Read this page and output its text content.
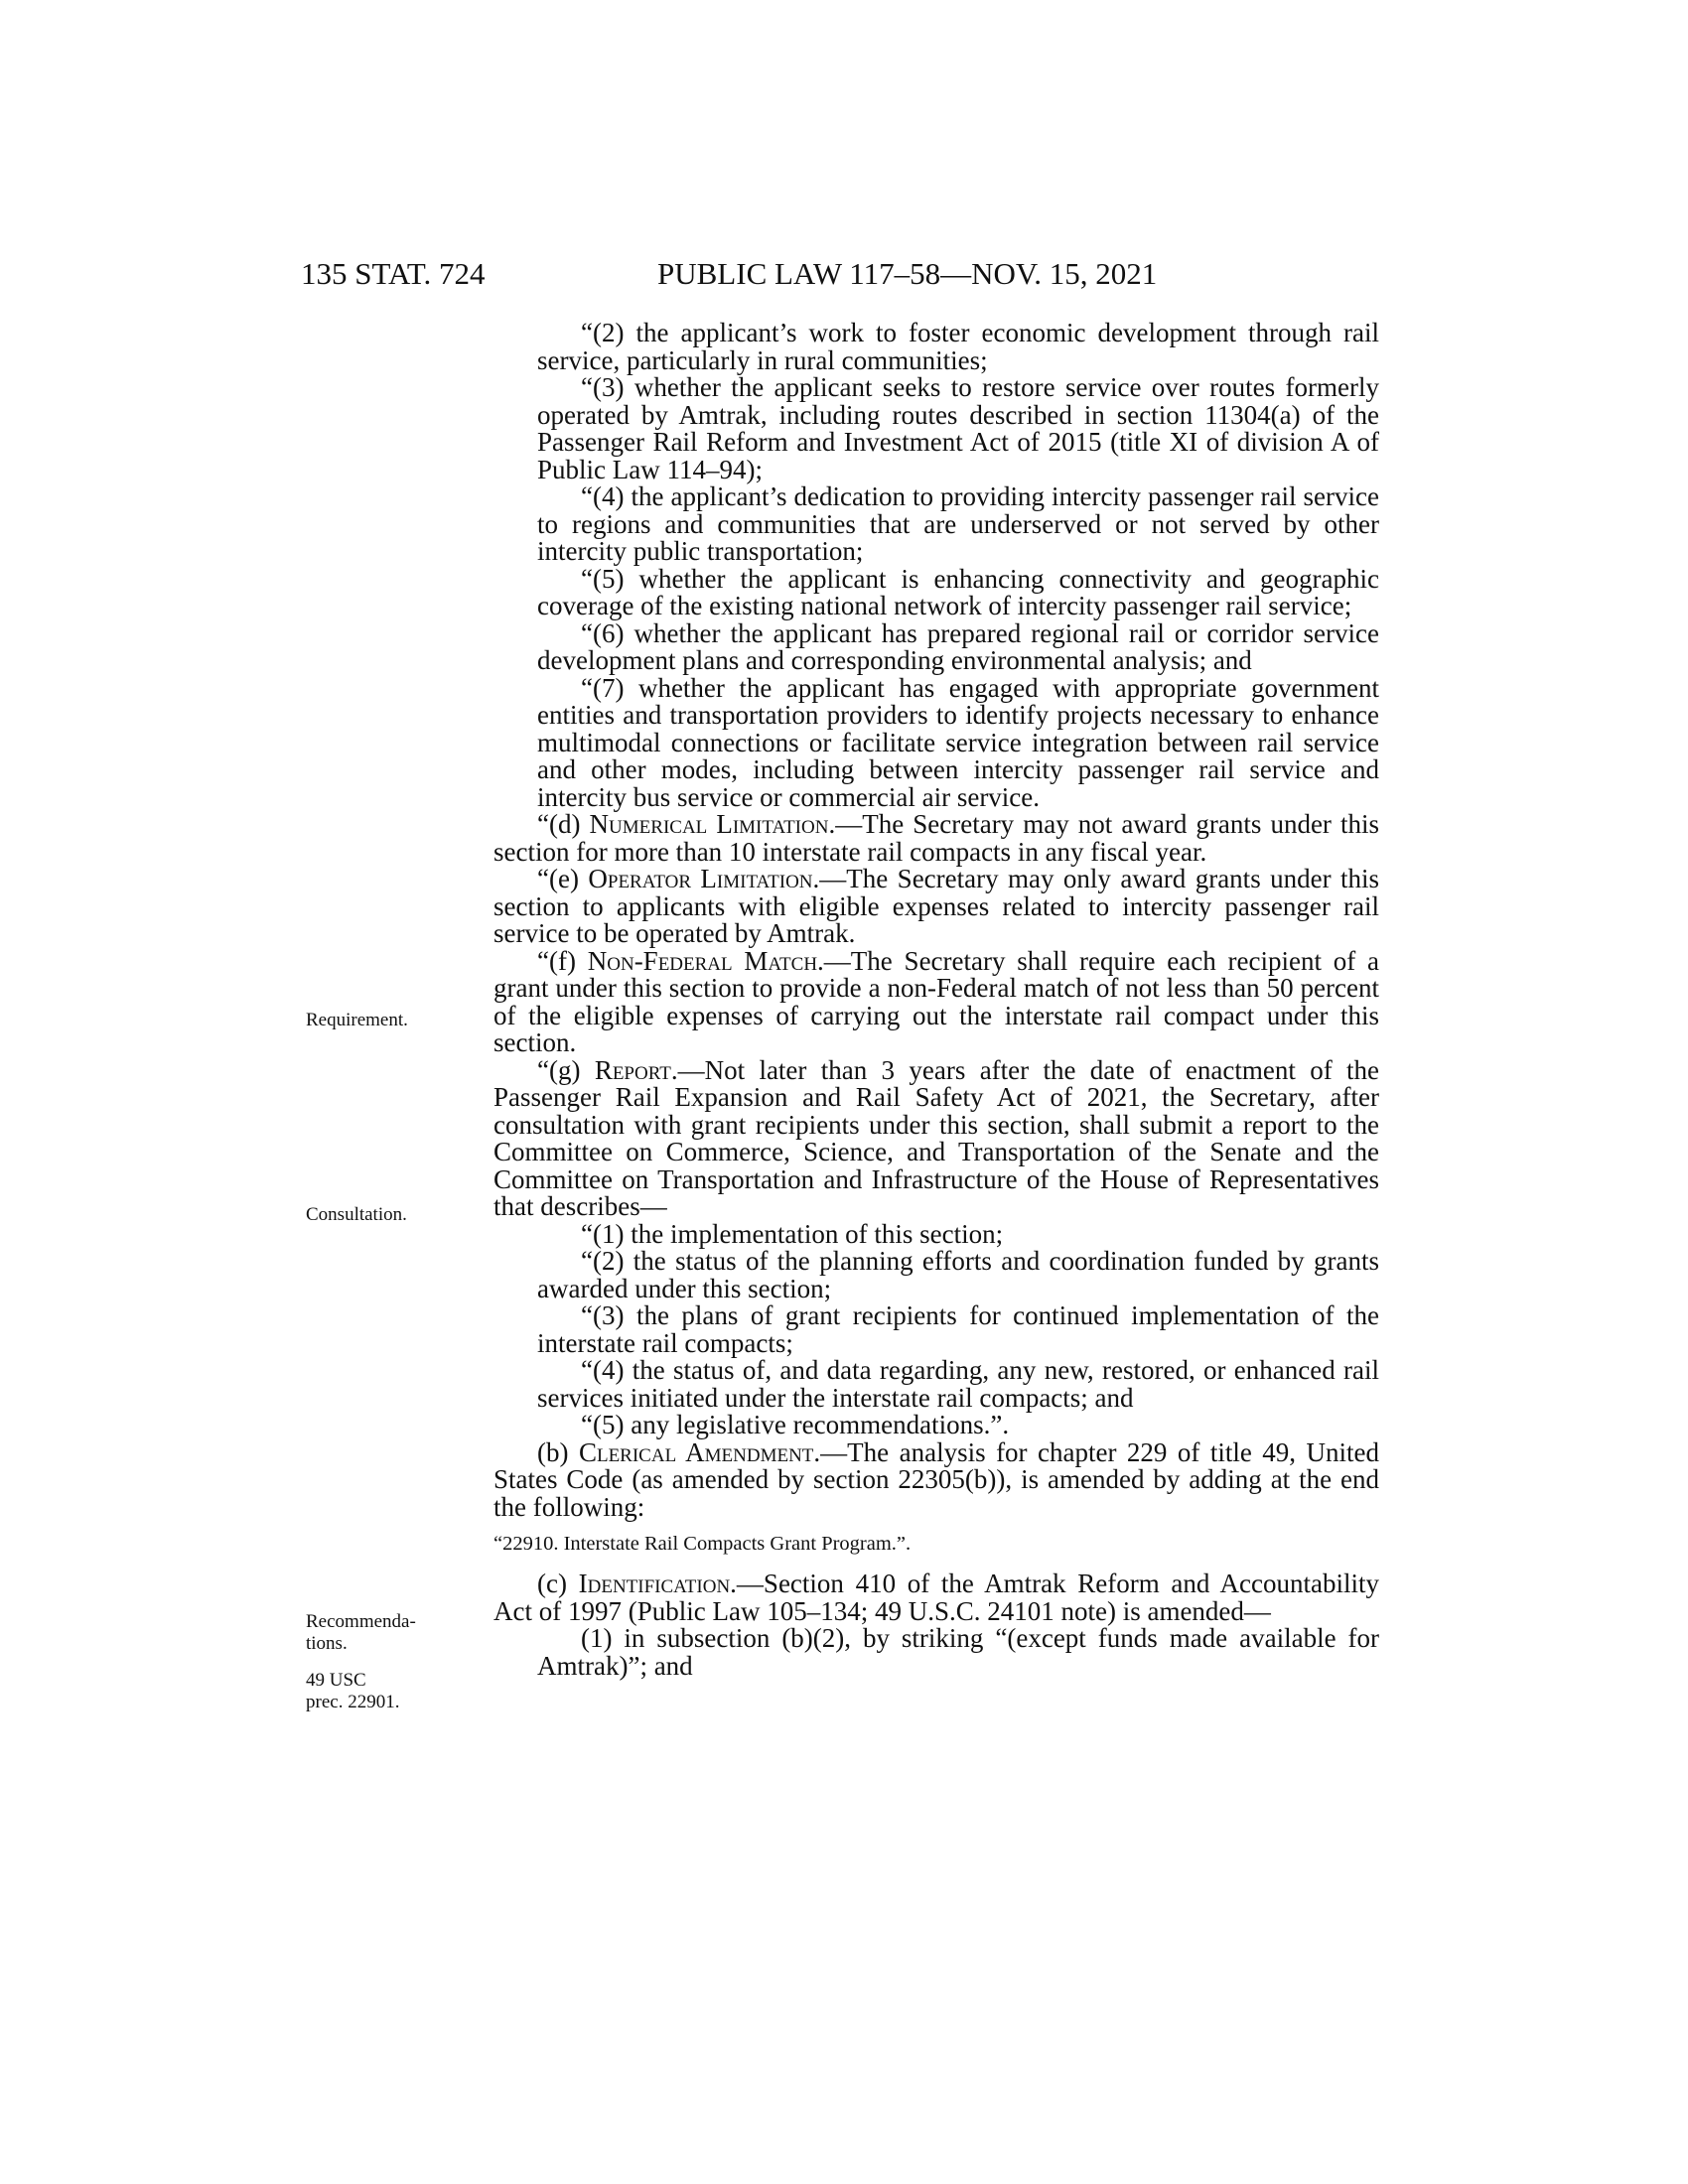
135 STAT. 724	PUBLIC LAW 117–58—NOV. 15, 2021
Requirement.
Consultation.
Recommenda-
tions.
49 USC
prec. 22901.

“(2) the applicant’s work to foster economic development through rail service, particularly in rural communities;

“(3) whether the applicant seeks to restore service over routes formerly operated by Amtrak, including routes described in section 11304(a) of the Passenger Rail Reform and Investment Act of 2015 (title XI of division A of Public Law 114–94);

“(4) the applicant’s dedication to providing intercity passenger rail service to regions and communities that are underserved or not served by other intercity public transportation;

“(5) whether the applicant is enhancing connectivity and geographic coverage of the existing national network of intercity passenger rail service;

“(6) whether the applicant has prepared regional rail or corridor service development plans and corresponding environmental analysis; and

“(7) whether the applicant has engaged with appropriate government entities and transportation providers to identify projects necessary to enhance multimodal connections or facilitate service integration between rail service and other modes, including between intercity passenger rail service and intercity bus service or commercial air service.

“(d) Numerical Limitation.—The Secretary may not award grants under this section for more than 10 interstate rail compacts in any fiscal year.

“(e) Operator Limitation.—The Secretary may only award grants under this section to applicants with eligible expenses related to intercity passenger rail service to be operated by Amtrak.

“(f) Non-Federal Match.—The Secretary shall require each recipient of a grant under this section to provide a non-Federal match of not less than 50 percent of the eligible expenses of carrying out the interstate rail compact under this section.

“(g) Report.—Not later than 3 years after the date of enactment of the Passenger Rail Expansion and Rail Safety Act of 2021, the Secretary, after consultation with grant recipients under this section, shall submit a report to the Committee on Commerce, Science, and Transportation of the Senate and the Committee on Transportation and Infrastructure of the House of Representatives that describes—

“(1) the implementation of this section;

“(2) the status of the planning efforts and coordination funded by grants awarded under this section;

“(3) the plans of grant recipients for continued implementation of the interstate rail compacts;

“(4) the status of, and data regarding, any new, restored, or enhanced rail services initiated under the interstate rail compacts; and

“(5) any legislative recommendations.”.

(b) Clerical Amendment.—The analysis for chapter 229 of title 49, United States Code (as amended by section 22305(b)), is amended by adding at the end the following:

“22910. Interstate Rail Compacts Grant Program.”.

(c) Identification.—Section 410 of the Amtrak Reform and Accountability Act of 1997 (Public Law 105–134; 49 U.S.C. 24101 note) is amended—

(1) in subsection (b)(2), by striking “(except funds made available for Amtrak)”; and
